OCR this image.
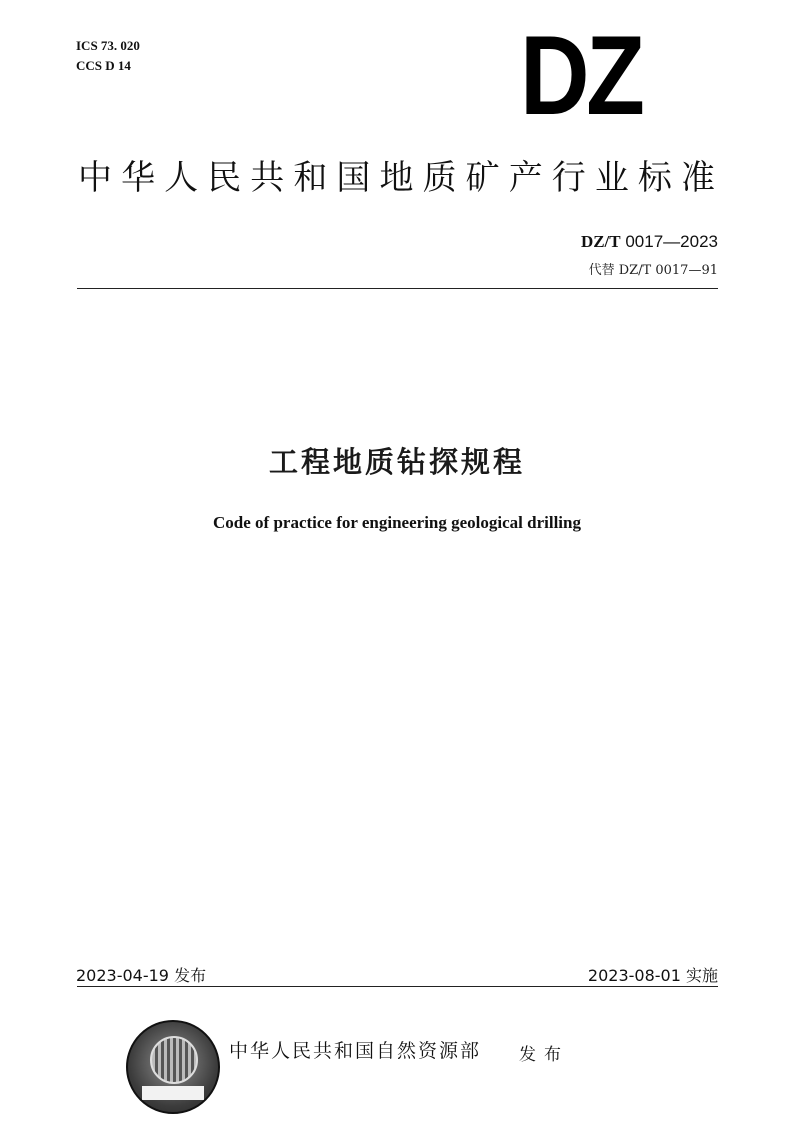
ICS 73. 020
CCS D 14	DZ
中华人民共和国地质矿产行业标准
DZ/T 0017—2023
代替 DZ/T 0017—91
工程地质钻探规程
Code of practice for engineering geological drilling
2023-04-19 发布	2023-08-01 实施
中华人民共和国自然资源部 发布
